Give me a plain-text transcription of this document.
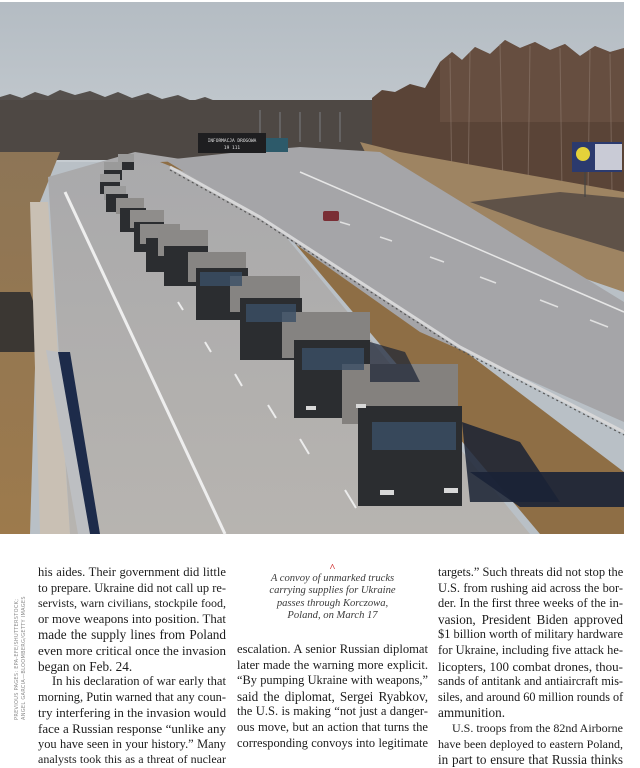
INFORMACJA DROGOWA
19 111
PREVIOUS PAGES: EPA-EFE/SHUTTERSTOCK; ANGEL GARCIA—BLOOMBERG/GETTY IMAGES

his aides. Their government did little
to prepare. Ukraine did not call up re-
servists, warn civilians, stockpile food,
or move weapons into position. That
made the supply lines from Poland
even more critical once the invasion
began on Feb. 24.

In his declaration of war early that
morning, Putin warned that any coun-
try interfering in the invasion would
face a Russian response “unlike any
you have seen in your history.” Many
analysts took this as a threat of nuclear

^
A convoy of unmarked trucks
carrying supplies for Ukraine
passes through Korczowa,
Poland, on March 17

escalation. A senior Russian diplomat
later made the warning more explicit.
“By pumping Ukraine with weapons,”
said the diplomat, Sergei Ryabkov,
the U.S. is making “not just a danger-
ous move, but an action that turns the
corresponding convoys into legitimate

targets.” Such threats did not stop the
U.S. from rushing aid across the bor-
der. In the first three weeks of the in-
vasion, President Biden approved
$1 billion worth of military hardware
for Ukraine, including five attack he-
licopters, 100 combat drones, thou-
sands of antitank and antiaircraft mis-
siles, and around 60 million rounds of
ammunition.

U.S. troops from the 82nd Airborne
have been deployed to eastern Poland,
in part to ensure that Russia thinks
